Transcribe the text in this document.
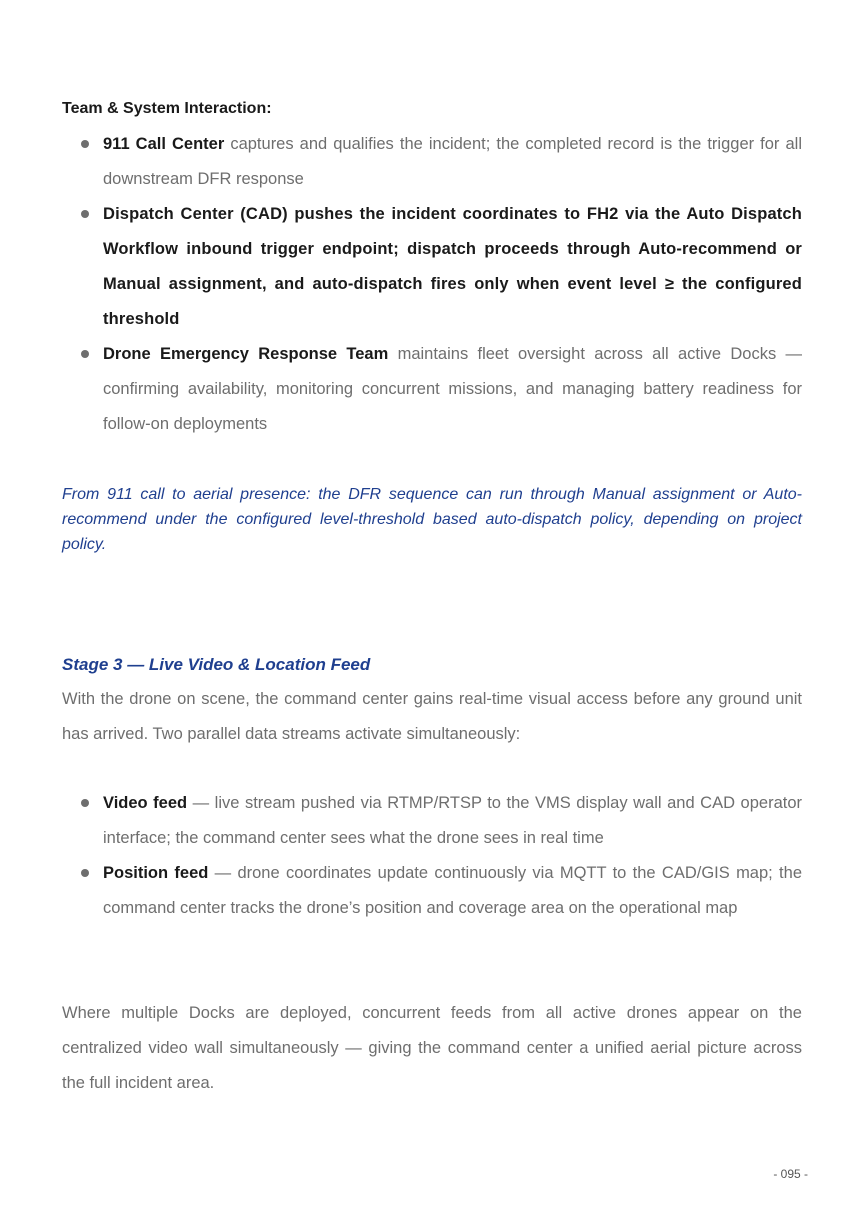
Team & System Interaction:
911 Call Center captures and qualifies the incident; the completed record is the trigger for all downstream DFR response
Dispatch Center (CAD) pushes the incident coordinates to FH2 via the Auto Dispatch Workflow inbound trigger endpoint; dispatch proceeds through Auto-recommend or Manual assignment, and auto-dispatch fires only when event level ≥ the configured threshold
Drone Emergency Response Team maintains fleet oversight across all active Docks — confirming availability, monitoring concurrent missions, and managing battery readiness for follow-on deployments

From 911 call to aerial presence: the DFR sequence can run through Manual assignment or Auto-recommend under the configured level-threshold based auto-dispatch policy, depending on project policy.

Stage 3 — Live Video & Location Feed

With the drone on scene, the command center gains real-time visual access before any ground unit has arrived. Two parallel data streams activate simultaneously:

Video feed — live stream pushed via RTMP/RTSP to the VMS display wall and CAD operator interface; the command center sees what the drone sees in real time
Position feed — drone coordinates update continuously via MQTT to the CAD/GIS map; the command center tracks the drone’s position and coverage area on the operational map

Where multiple Docks are deployed, concurrent feeds from all active drones appear on the centralized video wall simultaneously — giving the command center a unified aerial picture across the full incident area.

- 095 -
